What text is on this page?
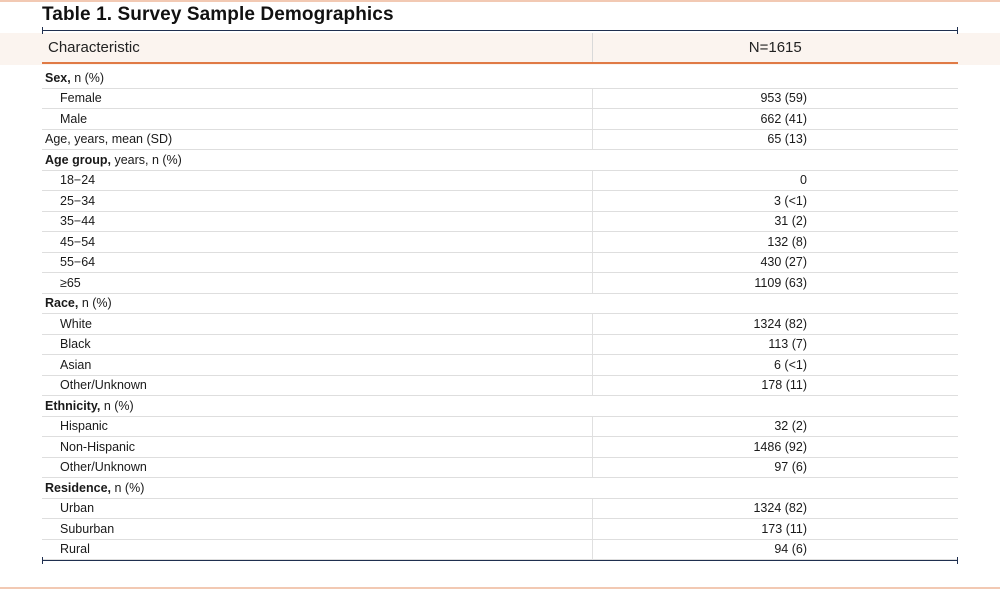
Table 1. Survey Sample Demographics
Characteristic	N=1615

Sex, n (%)	
Female	953 (59)
Male	662 (41)
Age, years, mean (SD)	65 (13)
Age group, years, n (%)	
18−24	0
25−34	3 (<1)
35−44	31 (2)
45−54	132 (8)
55−64	430 (27)
≥65	1109 (63)
Race, n (%)	
White	1324 (82)
Black	113 (7)
Asian	6 (<1)
Other/Unknown	178 (11)
Ethnicity, n (%)	
Hispanic	32 (2)
Non-Hispanic	1486 (92)
Other/Unknown	97 (6)
Residence, n (%)	
Urban	1324 (82)
Suburban	173 (11)
Rural	94 (6)
